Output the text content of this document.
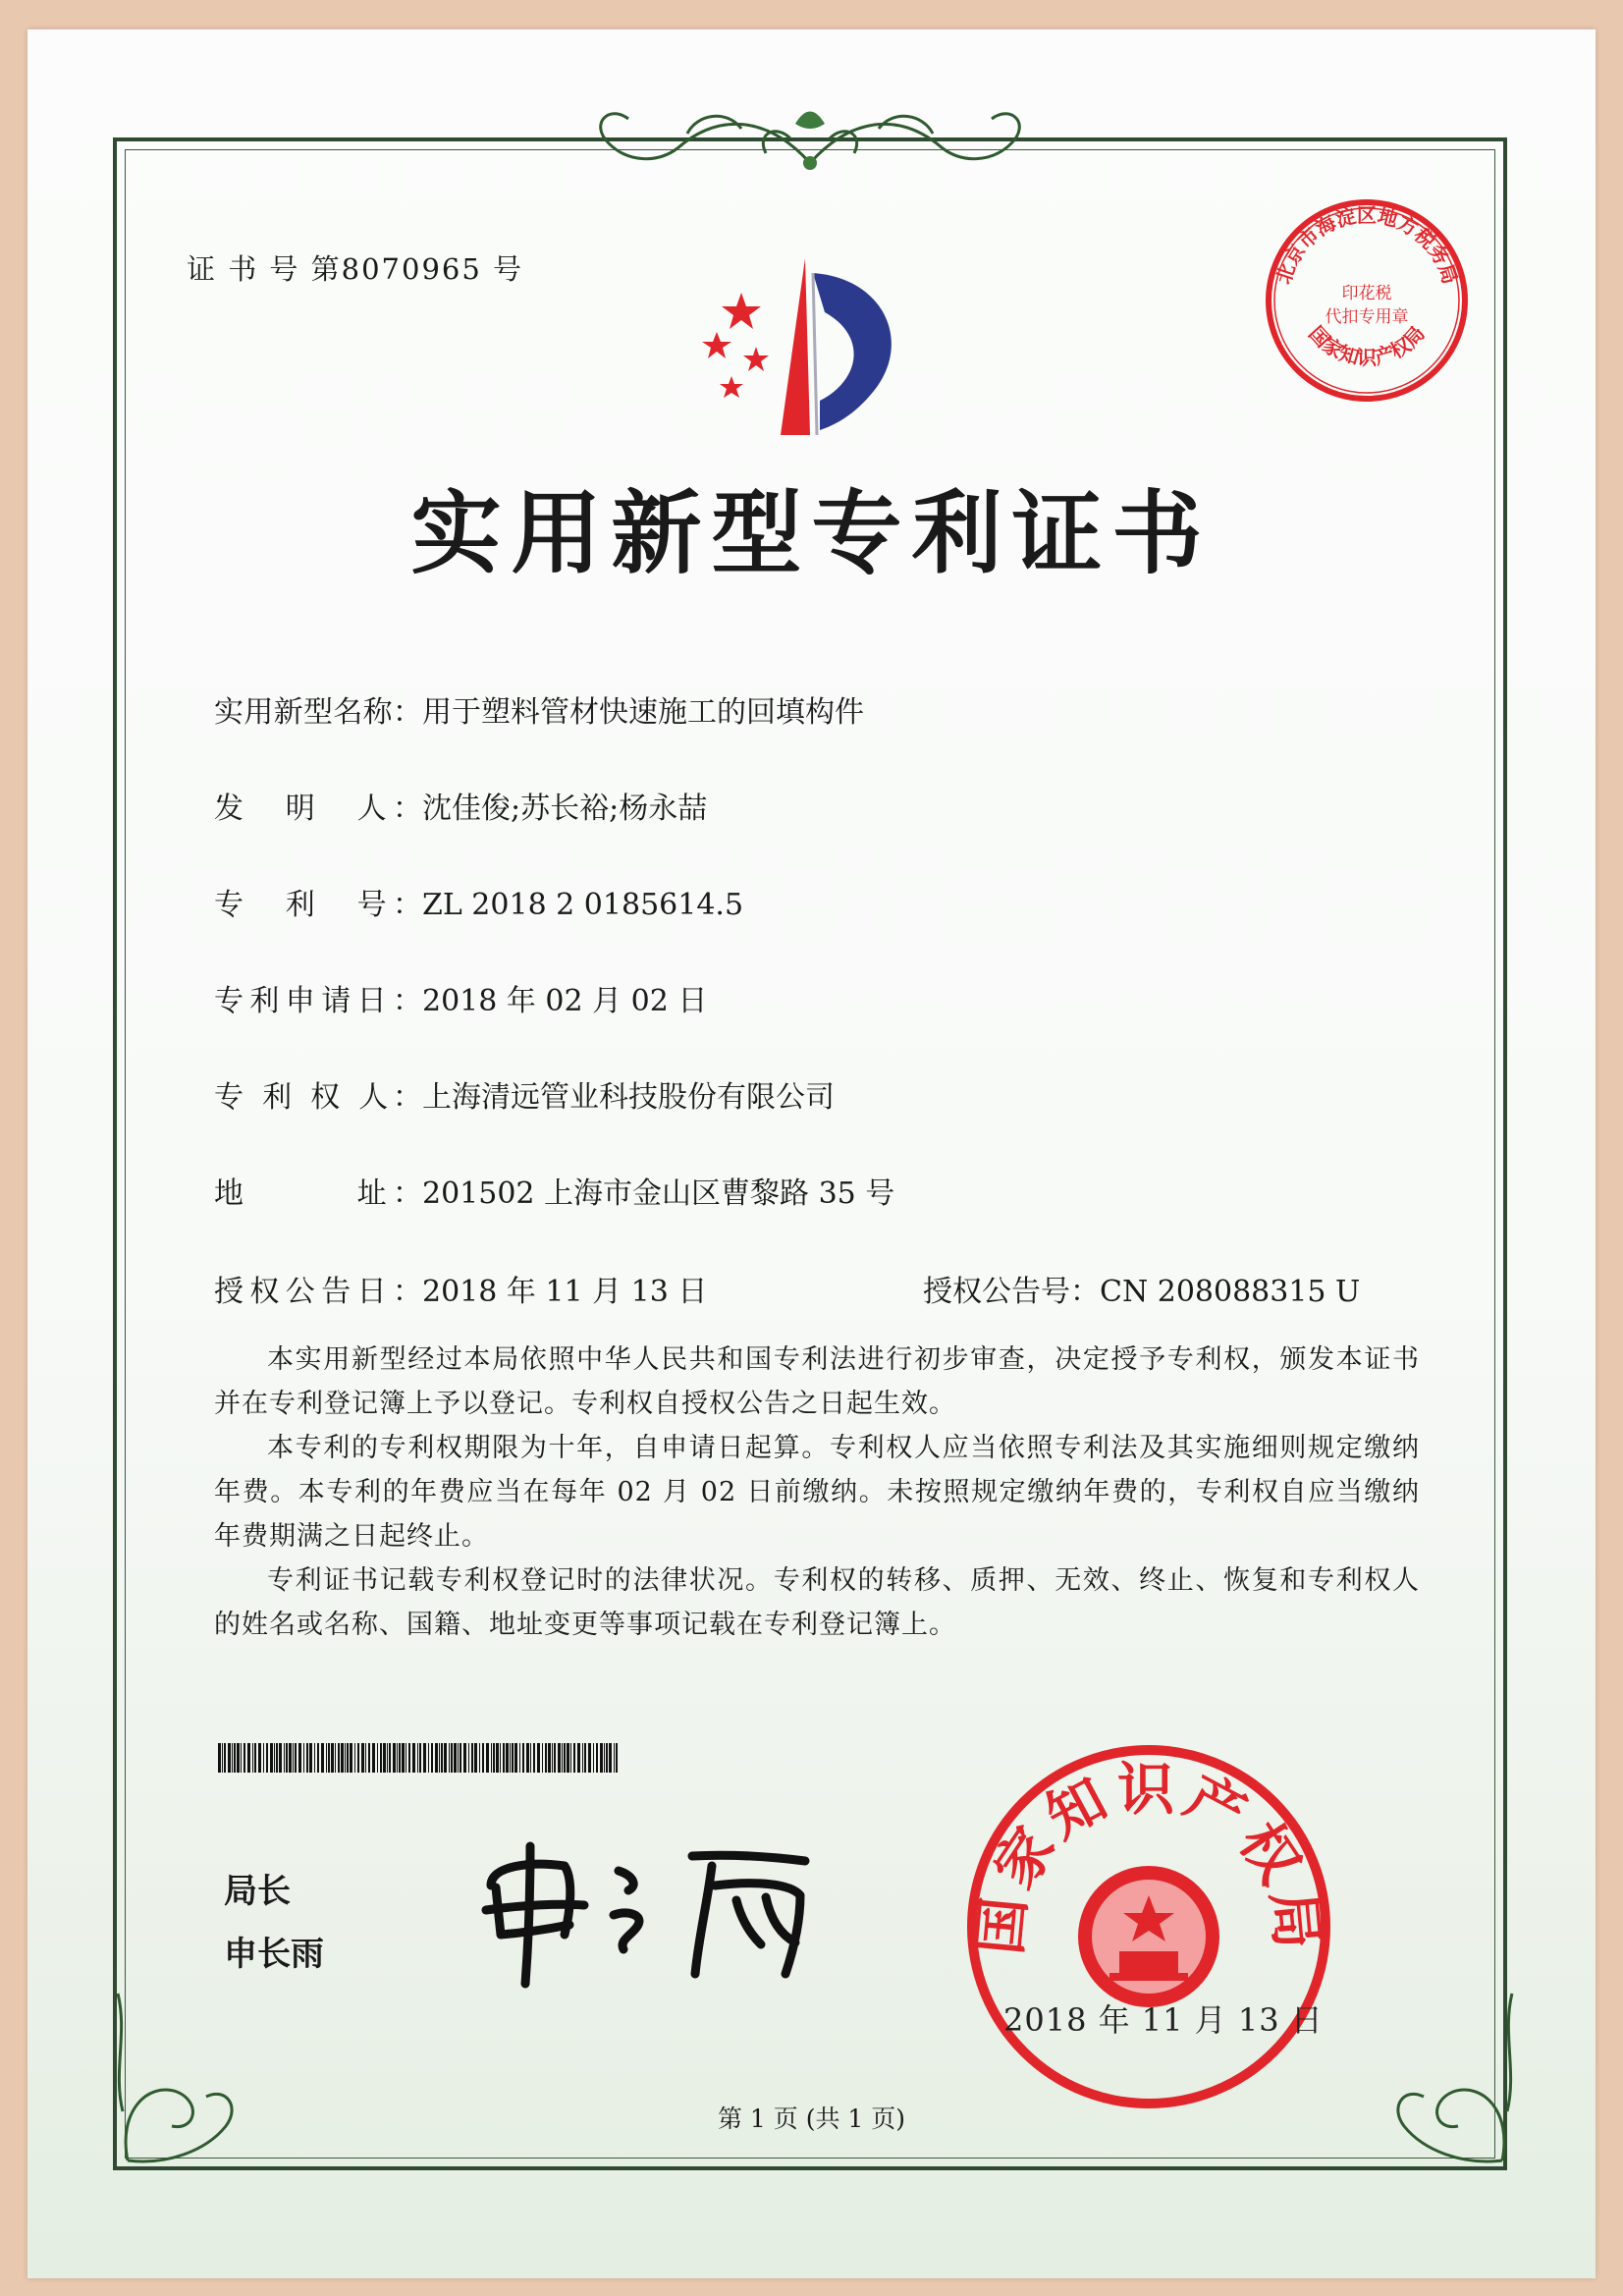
证 书 号 第8070965 号	北京市海淀区地方税务局
国家知识产权局
印花税
代扣专用章
实用新型专利证书
实用新型名称：用于塑料管材快速施工的回填构件
发　明　人：沈佳俊;苏长裕;杨永喆
专　利　号：ZL 2018 2 0185614.5
专利申请日：2018 年 02 月 02 日
专 利 权 人：上海清远管业科技股份有限公司
地　　　址：201502 上海市金山区曹黎路 35 号
授权公告日：2018 年 11 月 13 日	授权公告号：CN 208088315 U

本实用新型经过本局依照中华人民共和国专利法进行初步审查，决定授予专利权，颁发本证书并在专利登记簿上予以登记。专利权自授权公告之日起生效。

本专利的专利权期限为十年，自申请日起算。专利权人应当依照专利法及其实施细则规定缴纳年费。本专利的年费应当在每年 02 月 02 日前缴纳。未按照规定缴纳年费的，专利权自应当缴纳年费期满之日起终止。

专利证书记载专利权登记时的法律状况。专利权的转移、质押、无效、终止、恢复和专利权人的姓名或名称、国籍、地址变更等事项记载在专利登记簿上。

局长
申长雨	国家知识产权局
2018 年 11 月 13 日
第 1 页 (共 1 页)
